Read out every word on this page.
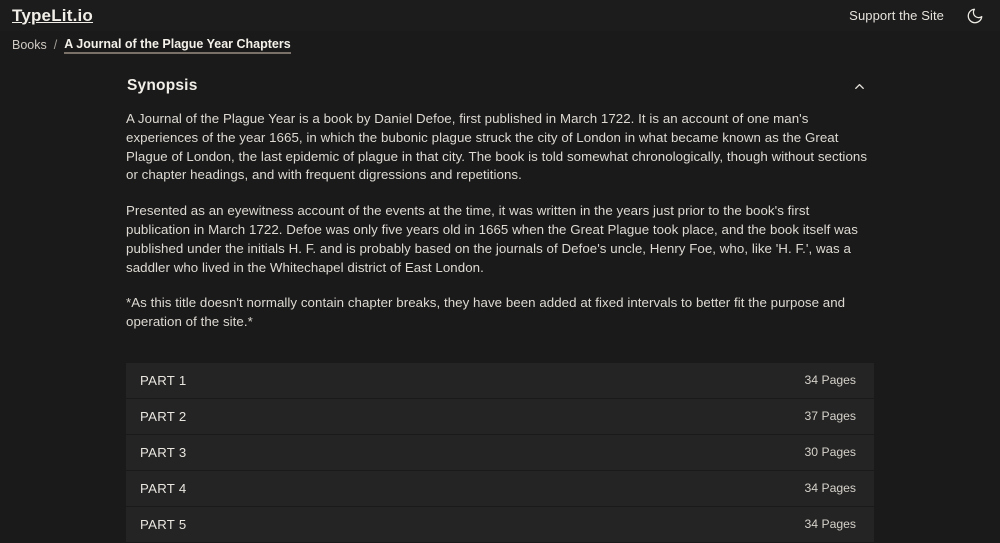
TypeLit.io	Support the Site
Books / A Journal of the Plague Year Chapters
Synopsis

A Journal of the Plague Year is a book by Daniel Defoe, first published in March 1722. It is an account of one man's experiences of the year 1665, in which the bubonic plague struck the city of London in what became known as the Great Plague of London, the last epidemic of plague in that city. The book is told somewhat chronologically, though without sections or chapter headings, and with frequent digressions and repetitions.

Presented as an eyewitness account of the events at the time, it was written in the years just prior to the book's first publication in March 1722. Defoe was only five years old in 1665 when the Great Plague took place, and the book itself was published under the initials H. F. and is probably based on the journals of Defoe's uncle, Henry Foe, who, like 'H. F.', was a saddler who lived in the Whitechapel district of East London.

*As this title doesn't normally contain chapter breaks, they have been added at fixed intervals to better fit the purpose and operation of the site.*

PART 1	34 Pages
PART 2	37 Pages
PART 3	30 Pages
PART 4	34 Pages
PART 5	34 Pages
